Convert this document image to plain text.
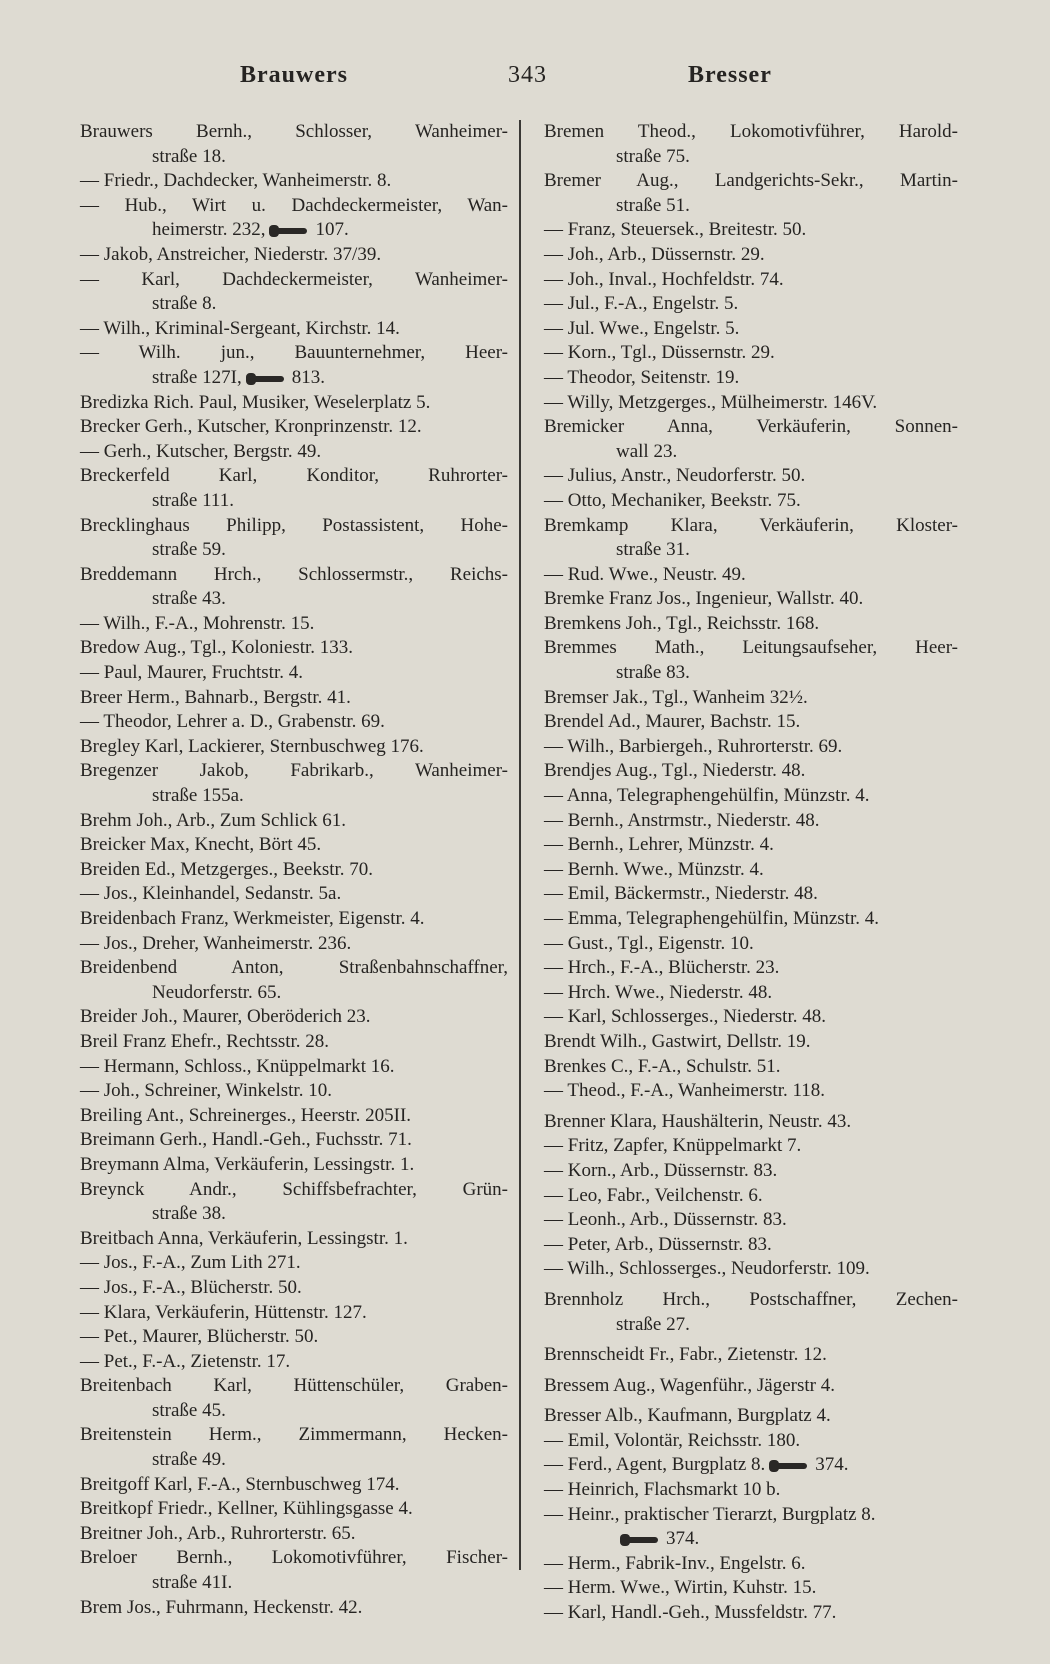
Brauwers	343	Bresser
Brauwers Bernh., Schlosser, Wanheimer-
straße 18.
— Friedr., Dachdecker, Wanheimerstr. 8.
— Hub., Wirt u. Dachdeckermeister, Wan-
heimerstr. 232,	107.
— Jakob, Anstreicher, Niederstr. 37/39.
— Karl, Dachdeckermeister, Wanheimer-
straße 8.
— Wilh., Kriminal-Sergeant, Kirchstr. 14.
— Wilh. jun., Bauunternehmer, Heer-
straße 127I,	813.
Bredizka Rich. Paul, Musiker, Weselerplatz 5.
Brecker Gerh., Kutscher, Kronprinzenstr. 12.
— Gerh., Kutscher, Bergstr. 49.
Breckerfeld Karl, Konditor, Ruhrorter-
straße 111.
Brecklinghaus Philipp, Postassistent, Hohe-
straße 59.
Breddemann Hrch., Schlossermstr., Reichs-
straße 43.
— Wilh., F.-A., Mohrenstr. 15.
Bredow Aug., Tgl., Koloniestr. 133.
— Paul, Maurer, Fruchtstr. 4.
Breer Herm., Bahnarb., Bergstr. 41.
— Theodor, Lehrer a. D., Grabenstr. 69.
Bregley Karl, Lackierer, Sternbuschweg 176.
Bregenzer Jakob, Fabrikarb., Wanheimer-
straße 155a.
Brehm Joh., Arb., Zum Schlick 61.
Breicker Max, Knecht, Bört 45.
Breiden Ed., Metzgerges., Beekstr. 70.
— Jos., Kleinhandel, Sedanstr. 5a.
Breidenbach Franz, Werkmeister, Eigenstr. 4.
— Jos., Dreher, Wanheimerstr. 236.
Breidenbend Anton, Straßenbahnschaffner,
Neudorferstr. 65.
Breider Joh., Maurer, Oberöderich 23.
Breil Franz Ehefr., Rechtsstr. 28.
— Hermann, Schloss., Knüppelmarkt 16.
— Joh., Schreiner, Winkelstr. 10.
Breiling Ant., Schreinerges., Heerstr. 205II.
Breimann Gerh., Handl.-Geh., Fuchsstr. 71.
Breymann Alma, Verkäuferin, Lessingstr. 1.
Breynck Andr., Schiffsbefrachter, Grün-
straße 38.
Breitbach Anna, Verkäuferin, Lessingstr. 1.
— Jos., F.-A., Zum Lith 271.
— Jos., F.-A., Blücherstr. 50.
— Klara, Verkäuferin, Hüttenstr. 127.
— Pet., Maurer, Blücherstr. 50.
— Pet., F.-A., Zietenstr. 17.
Breitenbach Karl, Hüttenschüler, Graben-
straße 45.
Breitenstein Herm., Zimmermann, Hecken-
straße 49.
Breitgoff Karl, F.-A., Sternbuschweg 174.
Breitkopf Friedr., Kellner, Kühlingsgasse 4.
Breitner Joh., Arb., Ruhrorterstr. 65.
Breloer Bernh., Lokomotivführer, Fischer-
straße 41I.
Brem Jos., Fuhrmann, Heckenstr. 42.
Bremen Theod., Lokomotivführer, Harold-
straße 75.
Bremer Aug., Landgerichts-Sekr., Martin-
straße 51.
— Franz, Steuersek., Breitestr. 50.
— Joh., Arb., Düssernstr. 29.
— Joh., Inval., Hochfeldstr. 74.
— Jul., F.-A., Engelstr. 5.
— Jul. Wwe., Engelstr. 5.
— Korn., Tgl., Düssernstr. 29.
— Theodor, Seitenstr. 19.
— Willy, Metzgerges., Mülheimerstr. 146V.
Bremicker Anna, Verkäuferin, Sonnen-
wall 23.
— Julius, Anstr., Neudorferstr. 50.
— Otto, Mechaniker, Beekstr. 75.
Bremkamp Klara, Verkäuferin, Kloster-
straße 31.
— Rud. Wwe., Neustr. 49.
Bremke Franz Jos., Ingenieur, Wallstr. 40.
Bremkens Joh., Tgl., Reichsstr. 168.
Bremmes Math., Leitungsaufseher, Heer-
straße 83.
Bremser Jak., Tgl., Wanheim 32½.
Brendel Ad., Maurer, Bachstr. 15.
— Wilh., Barbiergeh., Ruhrorterstr. 69.
Brendjes Aug., Tgl., Niederstr. 48.
— Anna, Telegraphengehülfin, Münzstr. 4.
— Bernh., Anstrmstr., Niederstr. 48.
— Bernh., Lehrer, Münzstr. 4.
— Bernh. Wwe., Münzstr. 4.
— Emil, Bäckermstr., Niederstr. 48.
— Emma, Telegraphengehülfin, Münzstr. 4.
— Gust., Tgl., Eigenstr. 10.
— Hrch., F.-A., Blücherstr. 23.
— Hrch. Wwe., Niederstr. 48.
— Karl, Schlosserges., Niederstr. 48.
Brendt Wilh., Gastwirt, Dellstr. 19.
Brenkes C., F.-A., Schulstr. 51.
— Theod., F.-A., Wanheimerstr. 118.
Brenner Klara, Haushälterin, Neustr. 43.
— Fritz, Zapfer, Knüppelmarkt 7.
— Korn., Arb., Düssernstr. 83.
— Leo, Fabr., Veilchenstr. 6.
— Leonh., Arb., Düssernstr. 83.
— Peter, Arb., Düssernstr. 83.
— Wilh., Schlosserges., Neudorferstr. 109.
Brennholz Hrch., Postschaffner, Zechen-
straße 27.
Brennscheidt Fr., Fabr., Zietenstr. 12.
Bressem Aug., Wagenführ., Jägerstr 4.
Bresser Alb., Kaufmann, Burgplatz 4.
— Emil, Volontär, Reichsstr. 180.
— Ferd., Agent, Burgplatz 8.	374.
— Heinrich, Flachsmarkt 10 b.
— Heinr., praktischer Tierarzt, Burgplatz 8.
374.
— Herm., Fabrik-Inv., Engelstr. 6.
— Herm. Wwe., Wirtin, Kuhstr. 15.
— Karl, Handl.-Geh., Mussfeldstr. 77.
